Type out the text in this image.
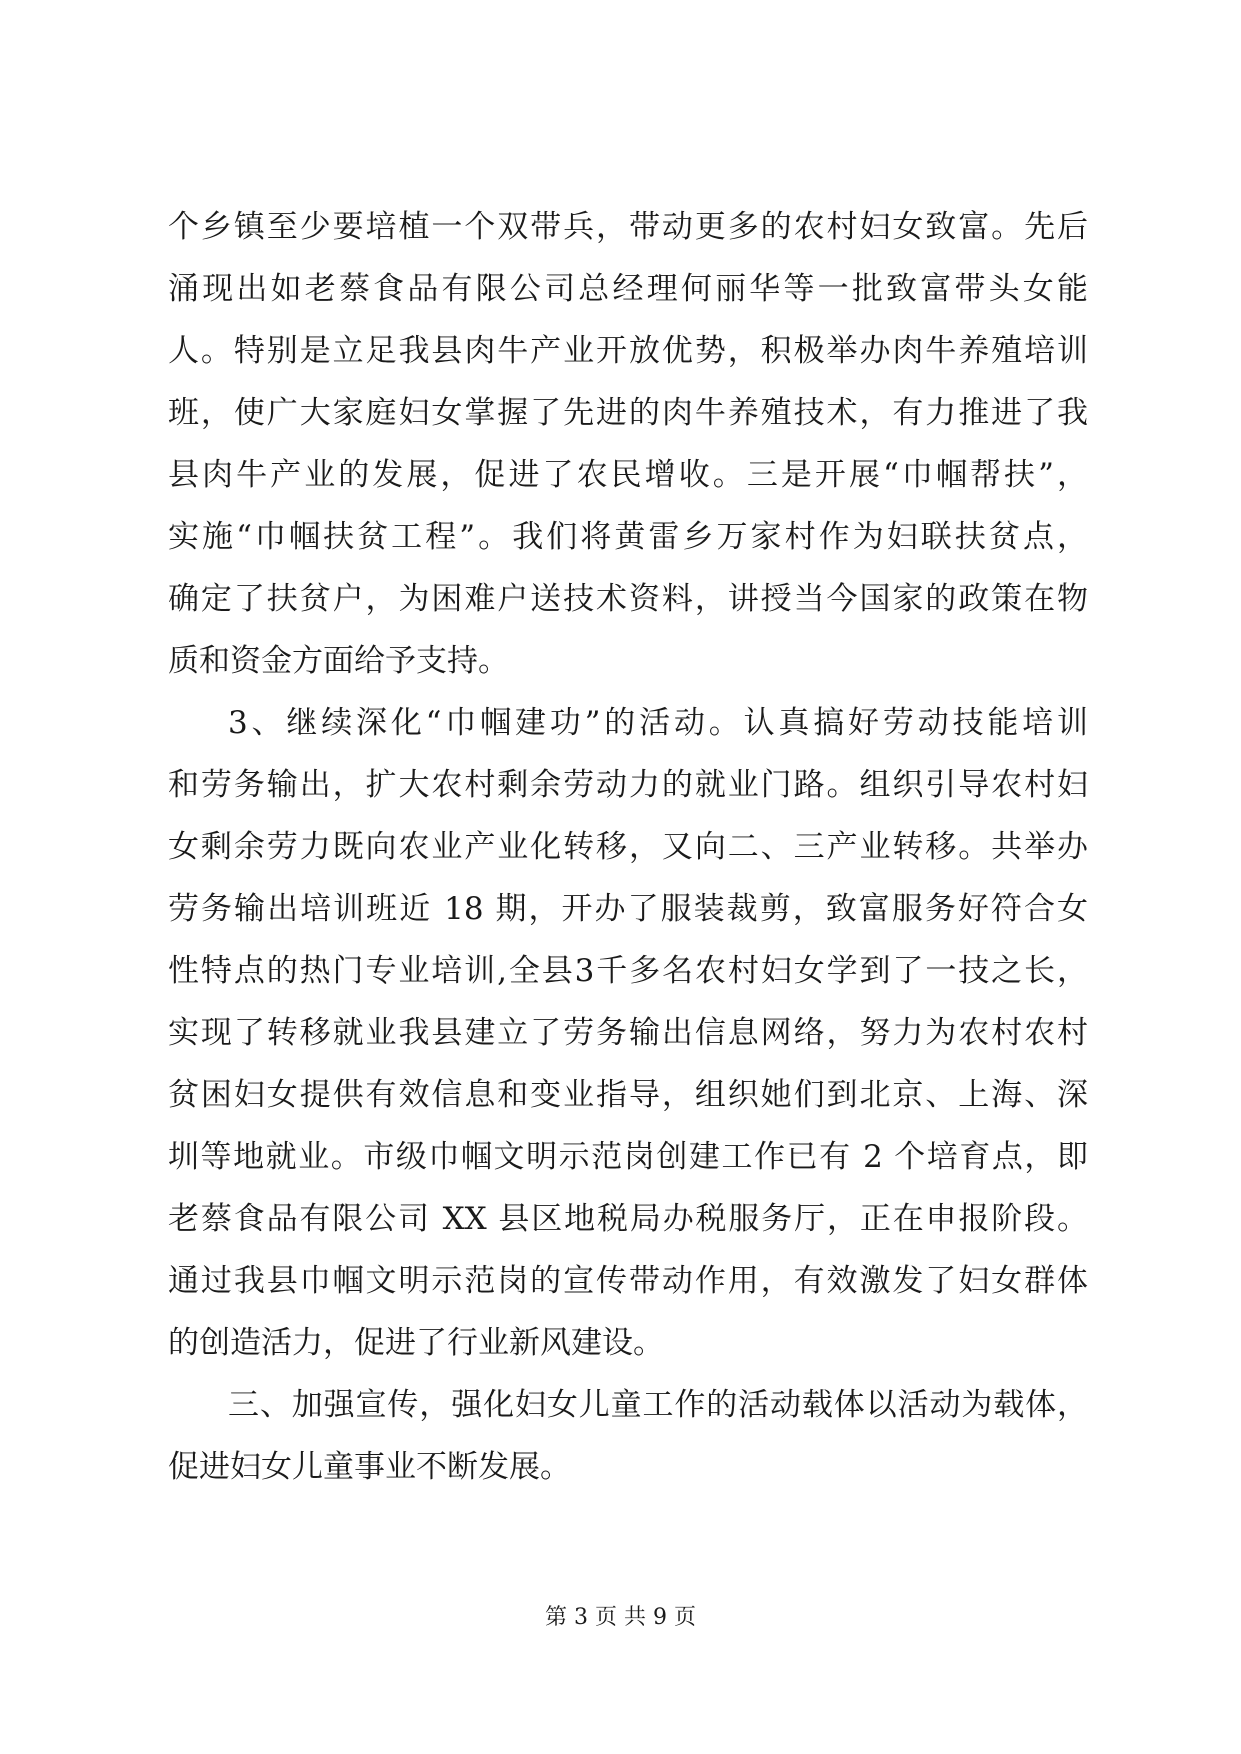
个乡镇至少要培植一个双带兵，带动更多的农村妇女致富。先后
涌现出如老蔡食品有限公司总经理何丽华等一批致富带头女能
人。特别是立足我县肉牛产业开放优势，积极举办肉牛养殖培训
班，使广大家庭妇女掌握了先进的肉牛养殖技术，有力推进了我
县肉牛产业的发展，促进了农民增收。三是开展“巾帼帮扶”，
实施“巾帼扶贫工程”。我们将黄雷乡万家村作为妇联扶贫点，
确定了扶贫户，为困难户送技术资料，讲授当今国家的政策在物
质和资金方面给予支持。
3、继续深化“巾帼建功”的活动。认真搞好劳动技能培训
和劳务输出，扩大农村剩余劳动力的就业门路。组织引导农村妇
女剩余劳力既向农业产业化转移，又向二、三产业转移。共举办
劳务输出培训班近 18 期，开办了服装裁剪，致富服务好符合女
性特点的热门专业培训,全县3千多名农村妇女学到了一技之长，
实现了转移就业我县建立了劳务输出信息网络，努力为农村农村
贫困妇女提供有效信息和变业指导，组织她们到北京、上海、深
圳等地就业。市级巾帼文明示范岗创建工作已有 2 个培育点，即
老蔡食品有限公司 XX 县区地税局办税服务厅，正在申报阶段。
通过我县巾帼文明示范岗的宣传带动作用，有效激发了妇女群体
的创造活力，促进了行业新风建设。
三、加强宣传，强化妇女儿童工作的活动载体以活动为载体，
促进妇女儿童事业不断发展。
第 3 页 共 9 页
